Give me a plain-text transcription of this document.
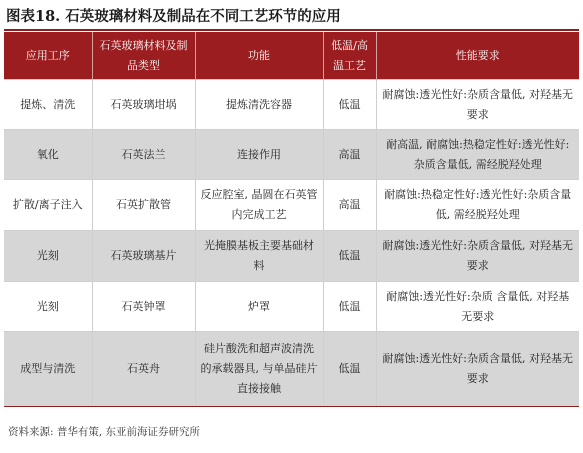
图表18. 石英玻璃材料及制品在不同工艺环节的应用
应用工序	石英玻璃材料及制品类型	功能	低温/高温工艺	性能要求
提炼、清洗	石英玻璃坩埚	提炼清洗容器	低温	耐腐蚀:透光性好:杂质含量低, 对羟基无要求
氧化	石英法兰	连接作用	高温	耐高温, 耐腐蚀:热稳定性好:透光性好:杂质含量低, 需经脱羟处理
扩散/离子注入	石英扩散管	反应腔室, 晶圆在石英管内完成工艺	高温	耐腐蚀:热稳定性好:透光性好:杂质含量低, 需经脱羟处理
光刻	石英玻璃基片	光掩膜基板主要基础材料	低温	耐腐蚀:透光性好:杂质含量低, 对羟基无要求
光刻	石英钟罩	炉罩	低温	耐腐蚀:透光性好:杂质 含量低, 对羟基无要求
成型与清洗	石英舟	硅片酸洗和超声波清洗的承载器具, 与单晶硅片直接接触	低温	耐腐蚀:透光性好:杂质含量低, 对羟基无要求
资料来源: 普华有策, 东亚前海证券研究所
